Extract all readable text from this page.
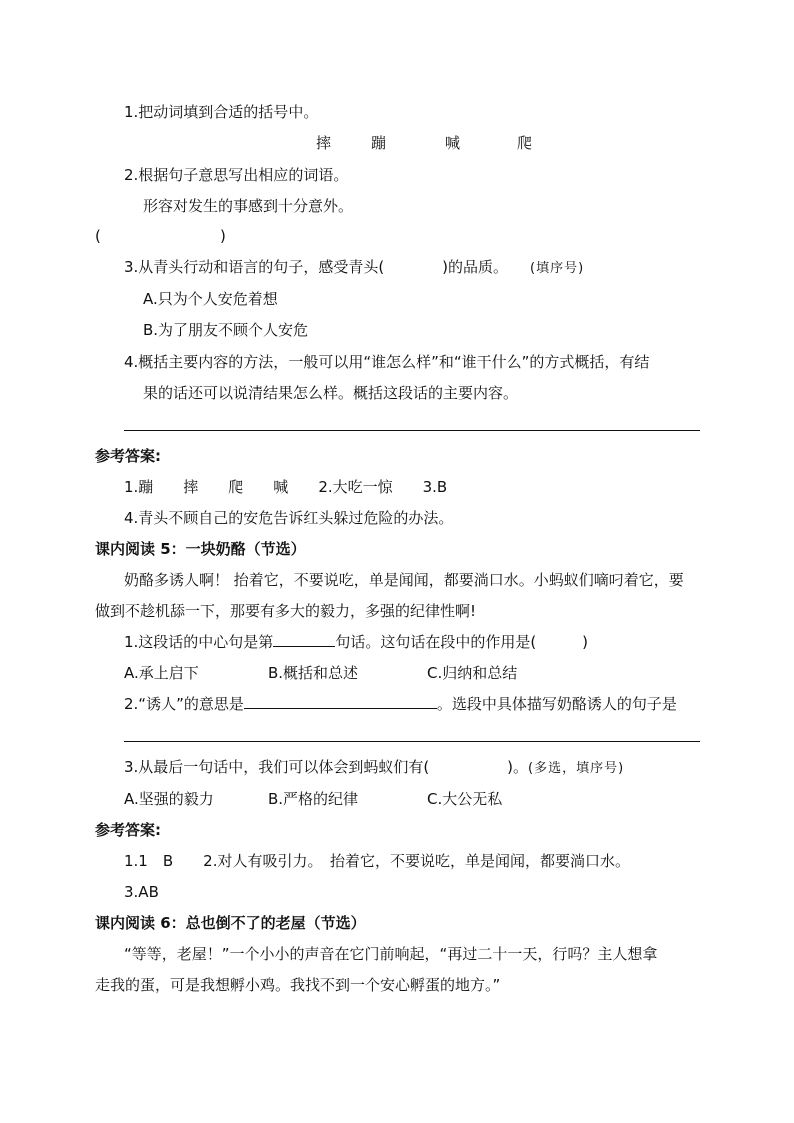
1.把动词填到合适的括号中。
摔	蹦	喊	爬
2.根据句子意思写出相应的词语。
形容对发生的事感到十分意外。
(	)
3.从青头行动和语言的句子，感受青头(	)的品质。 (填序号)
A.只为个人安危着想
B.为了朋友不顾个人安危
4.概括主要内容的方法，一般可以用“谁怎么样”和“谁干什么”的方式概括，有结
果的话还可以说清结果怎么样。概括这段话的主要内容。
参考答案:
1.蹦　　摔　　爬　　喊　　2.大吃一惊　　3.B
4.青头不顾自己的安危告诉红头躲过危险的办法。
课内阅读 5：一块奶酪（节选）
奶酪多诱人啊！ 抬着它，不要说吃，单是闻闻，都要淌口水。小蚂蚁们嘀叼着它，要
做到不趁机舔一下，那要有多大的毅力，多强的纪律性啊!
1.这段话的中心句是第	句话。这句话在段中的作用是(	)
A.承上启下	B.概括和总述	C.归纳和总结
2.“诱人”的意思是	。选段中具体描写奶酪诱人的句子是
3.从最后一句话中，我们可以体会到蚂蚁们有(	)。(多选，填序号)
A.坚强的毅力	B.严格的纪律	C.大公无私
参考答案:
1.1　B　　2.对人有吸引力。　抬着它，不要说吃，单是闻闻，都要淌口水。
3.AB
课内阅读 6：总也倒不了的老屋（节选）
“等等，老屋！”一个小小的声音在它门前响起，“再过二十一天，行吗？主人想拿
走我的蛋，可是我想孵小鸡。我找不到一个安心孵蛋的地方。”
